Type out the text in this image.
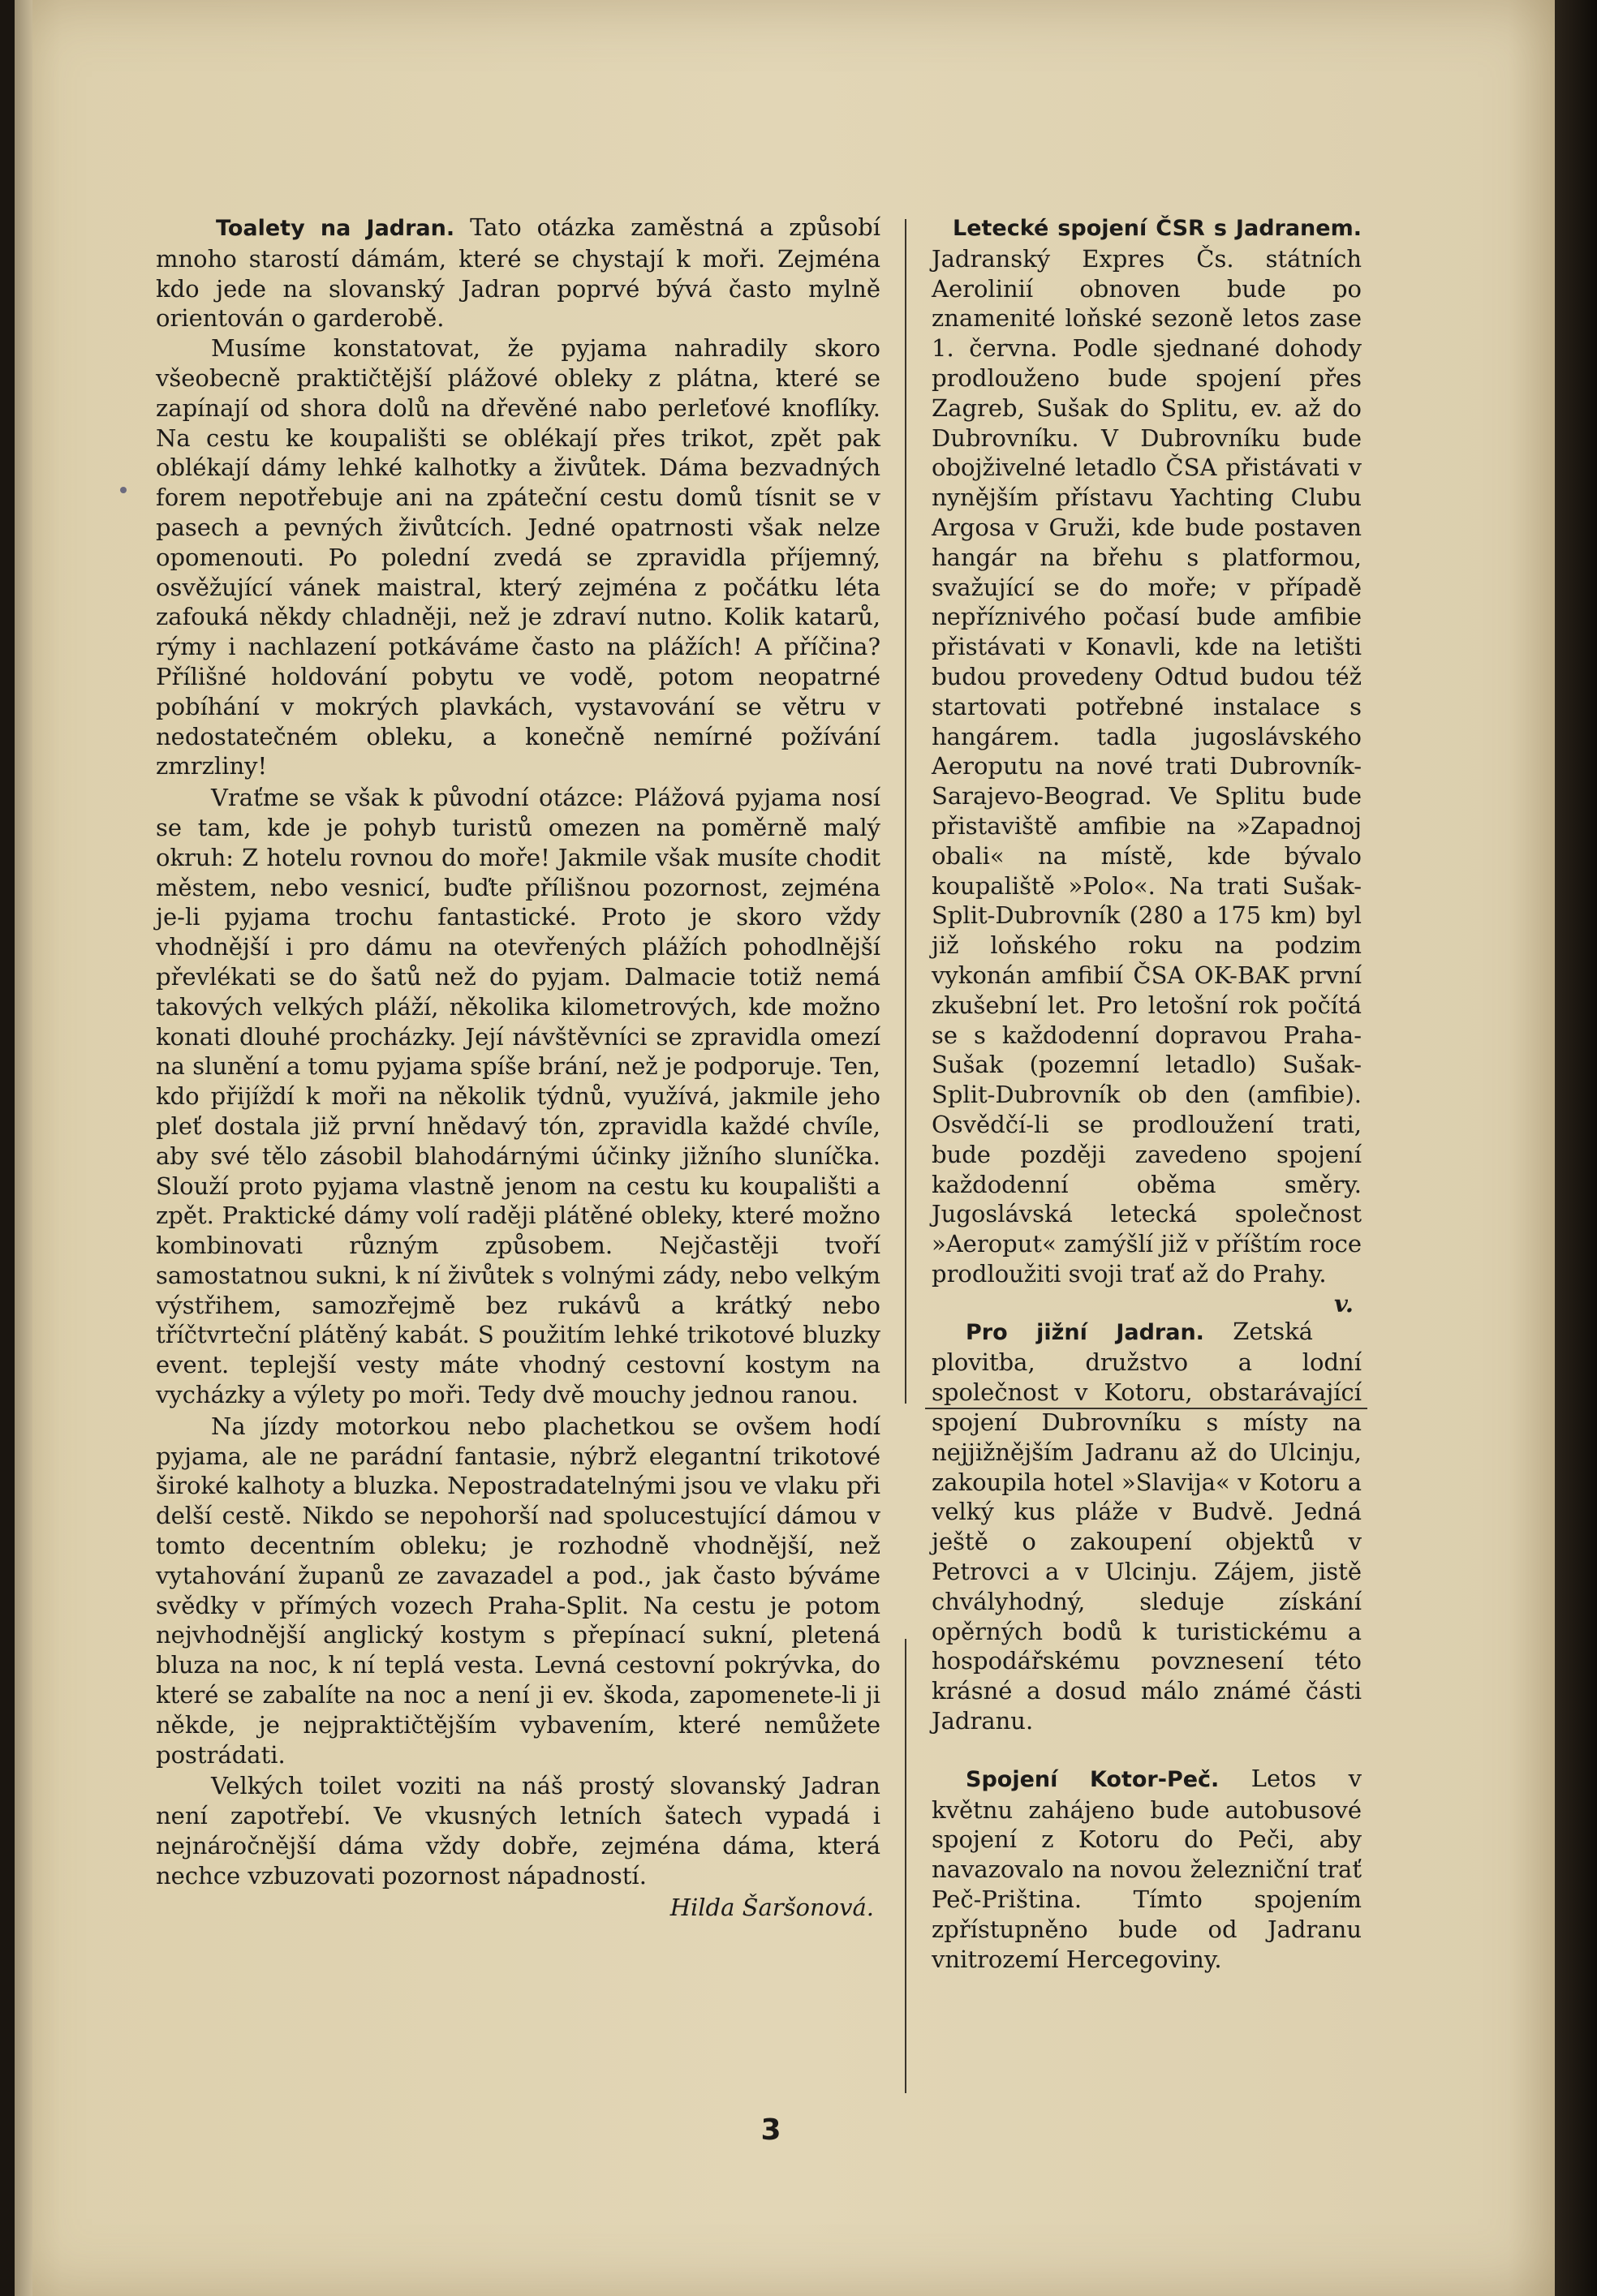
Toalety na Jadran. Tato otázka zaměstná a způsobí mnoho starostí dámám, které se chystají k moři. Zejména kdo jede na slovanský Jadran poprvé bývá často mylně orientován o garderobě.

Musíme konstatovat, že pyjama nahradily skoro všeobecně praktičtější plážové obleky z plátna, které se zapínají od shora dolů na dřevěné nabo perleťové knoflíky. Na cestu ke koupališti se oblékají přes trikot, zpět pak oblékají dámy lehké kalhotky a živůtek. Dáma bezvadných forem nepotřebuje ani na zpáteční cestu domů tísnit se v pasech a pevných živůtcích. Jedné opatrnosti však nelze opomenouti. Po polední zvedá se zpravidla příjemný, osvěžující vánek maistral, který zejména z počátku léta zafouká někdy chladněji, než je zdraví nutno. Kolik katarů, rýmy i nachlazení potkáváme často na plážích! A příčina? Přílišné holdování pobytu ve vodě, potom neopatrné pobíhání v mokrých plavkách, vystavování se větru v nedostatečném obleku, a konečně nemírné požívání zmrzliny!

Vraťme se však k původní otázce: Plážová pyjama nosí se tam, kde je pohyb turistů omezen na poměrně malý okruh: Z hotelu rovnou do moře! Jakmile však musíte chodit městem, nebo vesnicí, buďte přílišnou pozornost, zejména je-li pyjama trochu fantastické. Proto je skoro vždy vhodnější i pro dámu na otevřených plážích pohodlnější převlékati se do šatů než do pyjam. Dalmacie totiž nemá takových velkých pláží, několika kilometrových, kde možno konati dlouhé procházky. Její návštěvníci se zpravidla omezí na slunění a tomu pyjama spíše brání, než je podporuje. Ten, kdo přijíždí k moři na několik týdnů, využívá, jakmile jeho pleť dostala již první hnědavý tón, zpravidla každé chvíle, aby své tělo zásobil blahodárnými účinky jižního sluníčka. Slouží proto pyjama vlastně jenom na cestu ku koupališti a zpět. Praktické dámy volí raději plátěné obleky, které možno kombinovati různým způsobem. Nejčastěji tvoří samostatnou sukni, k ní živůtek s volnými zády, nebo velkým výstřihem, samozřejmě bez rukávů a krátký nebo tříčtvrteční plátěný kabát. S použitím lehké trikotové bluzky event. teplejší vesty máte vhodný cestovní kostym na vycházky a výlety po moři. Tedy dvě mouchy jednou ranou.

Na jízdy motorkou nebo plachetkou se ovšem hodí pyjama, ale ne parádní fantasie, nýbrž elegantní trikotové široké kalhoty a bluzka. Nepostradatelnými jsou ve vlaku při delší cestě. Nikdo se nepohorší nad spolucestující dámou v tomto decentním obleku; je rozhodně vhodnější, než vytahování županů ze zavazadel a pod., jak často býváme svědky v přímých vozech Praha-Split. Na cestu je potom nejvhodnější anglický kostym s přepínací sukní, pletená bluza na noc, k ní teplá vesta. Levná cestovní pokrývka, do které se zabalíte na noc a není ji ev. škoda, zapomenete-li ji někde, je nejpraktičtějším vybavením, které nemůžete postrádati.

Velkých toilet voziti na náš prostý slovanský Jadran není zapotřebí. Ve vkusných letních šatech vypadá i nejnáročnější dáma vždy dobře, zejména dáma, která nechce vzbuzovati pozornost nápadností.

Hilda Šaršonová.

Letecké spojení ČSR s Jadranem. Jadranský Expres Čs. státních Aerolinií obnoven bude po znamenité loňské sezoně letos zase 1. června. Podle sjednané dohody prodlouženo bude spojení přes Zagreb, Sušak do Splitu, ev. až do Dubrovníku. V Dubrovníku bude obojživelné letadlo ČSA přistávati v nynějším přístavu Yachting Clubu Argosa v Gruži, kde bude postaven hangár na břehu s platformou, svažující se do moře; v případě nepříznivého počasí bude amfibie přistávati v Konavli, kde na letišti budou provedeny Odtud budou též startovati potřebné instalace s hangárem. tadla jugoslávského Aeroputu na nové trati Dubrovník-Sarajevo-Beograd. Ve Splitu bude přistaviště amfibie na »Zapadnoj obali« na místě, kde bývalo koupaliště »Polo«. Na trati Sušak-Split-Dubrovník (280 a 175 km) byl již loňského roku na podzim vykonán amfibií ČSA OK-BAK první zkušební let. Pro letošní rok počítá se s každodenní dopravou Praha-Sušak (pozemní letadlo) Sušak-Split-Dubrovník ob den (amfibie). Osvědčí-li se prodloužení trati, bude později zavedeno spojení každodenní oběma směry. Jugoslávská letecká společnost »Aeroput« zamýšlí již v příštím roce prodloužiti svoji trať až do Prahy.
v.

Pro jižní Jadran. Zetská plovitba, družstvo a lodní společnost v Kotoru, obstarávající spojení Dubrovníku s místy na nejjižnějším Jadranu až do Ulcinju, zakoupila hotel »Slavija« v Kotoru a velký kus pláže v Budvě. Jedná ještě o zakoupení objektů v Petrovci a v Ulcinju. Zájem, jistě chvályhodný, sleduje získání opěrných bodů k turistickému a hospodářskému povznesení této krásné a dosud málo známé části Jadranu.

Spojení Kotor-Peč. Letos v květnu zahájeno bude autobusové spojení z Kotoru do Peči, aby navazovalo na novou železniční trať Peč-Priština. Tímto spojením zpřístupněno bude od Jadranu vnitrozemí Hercegoviny.

3
